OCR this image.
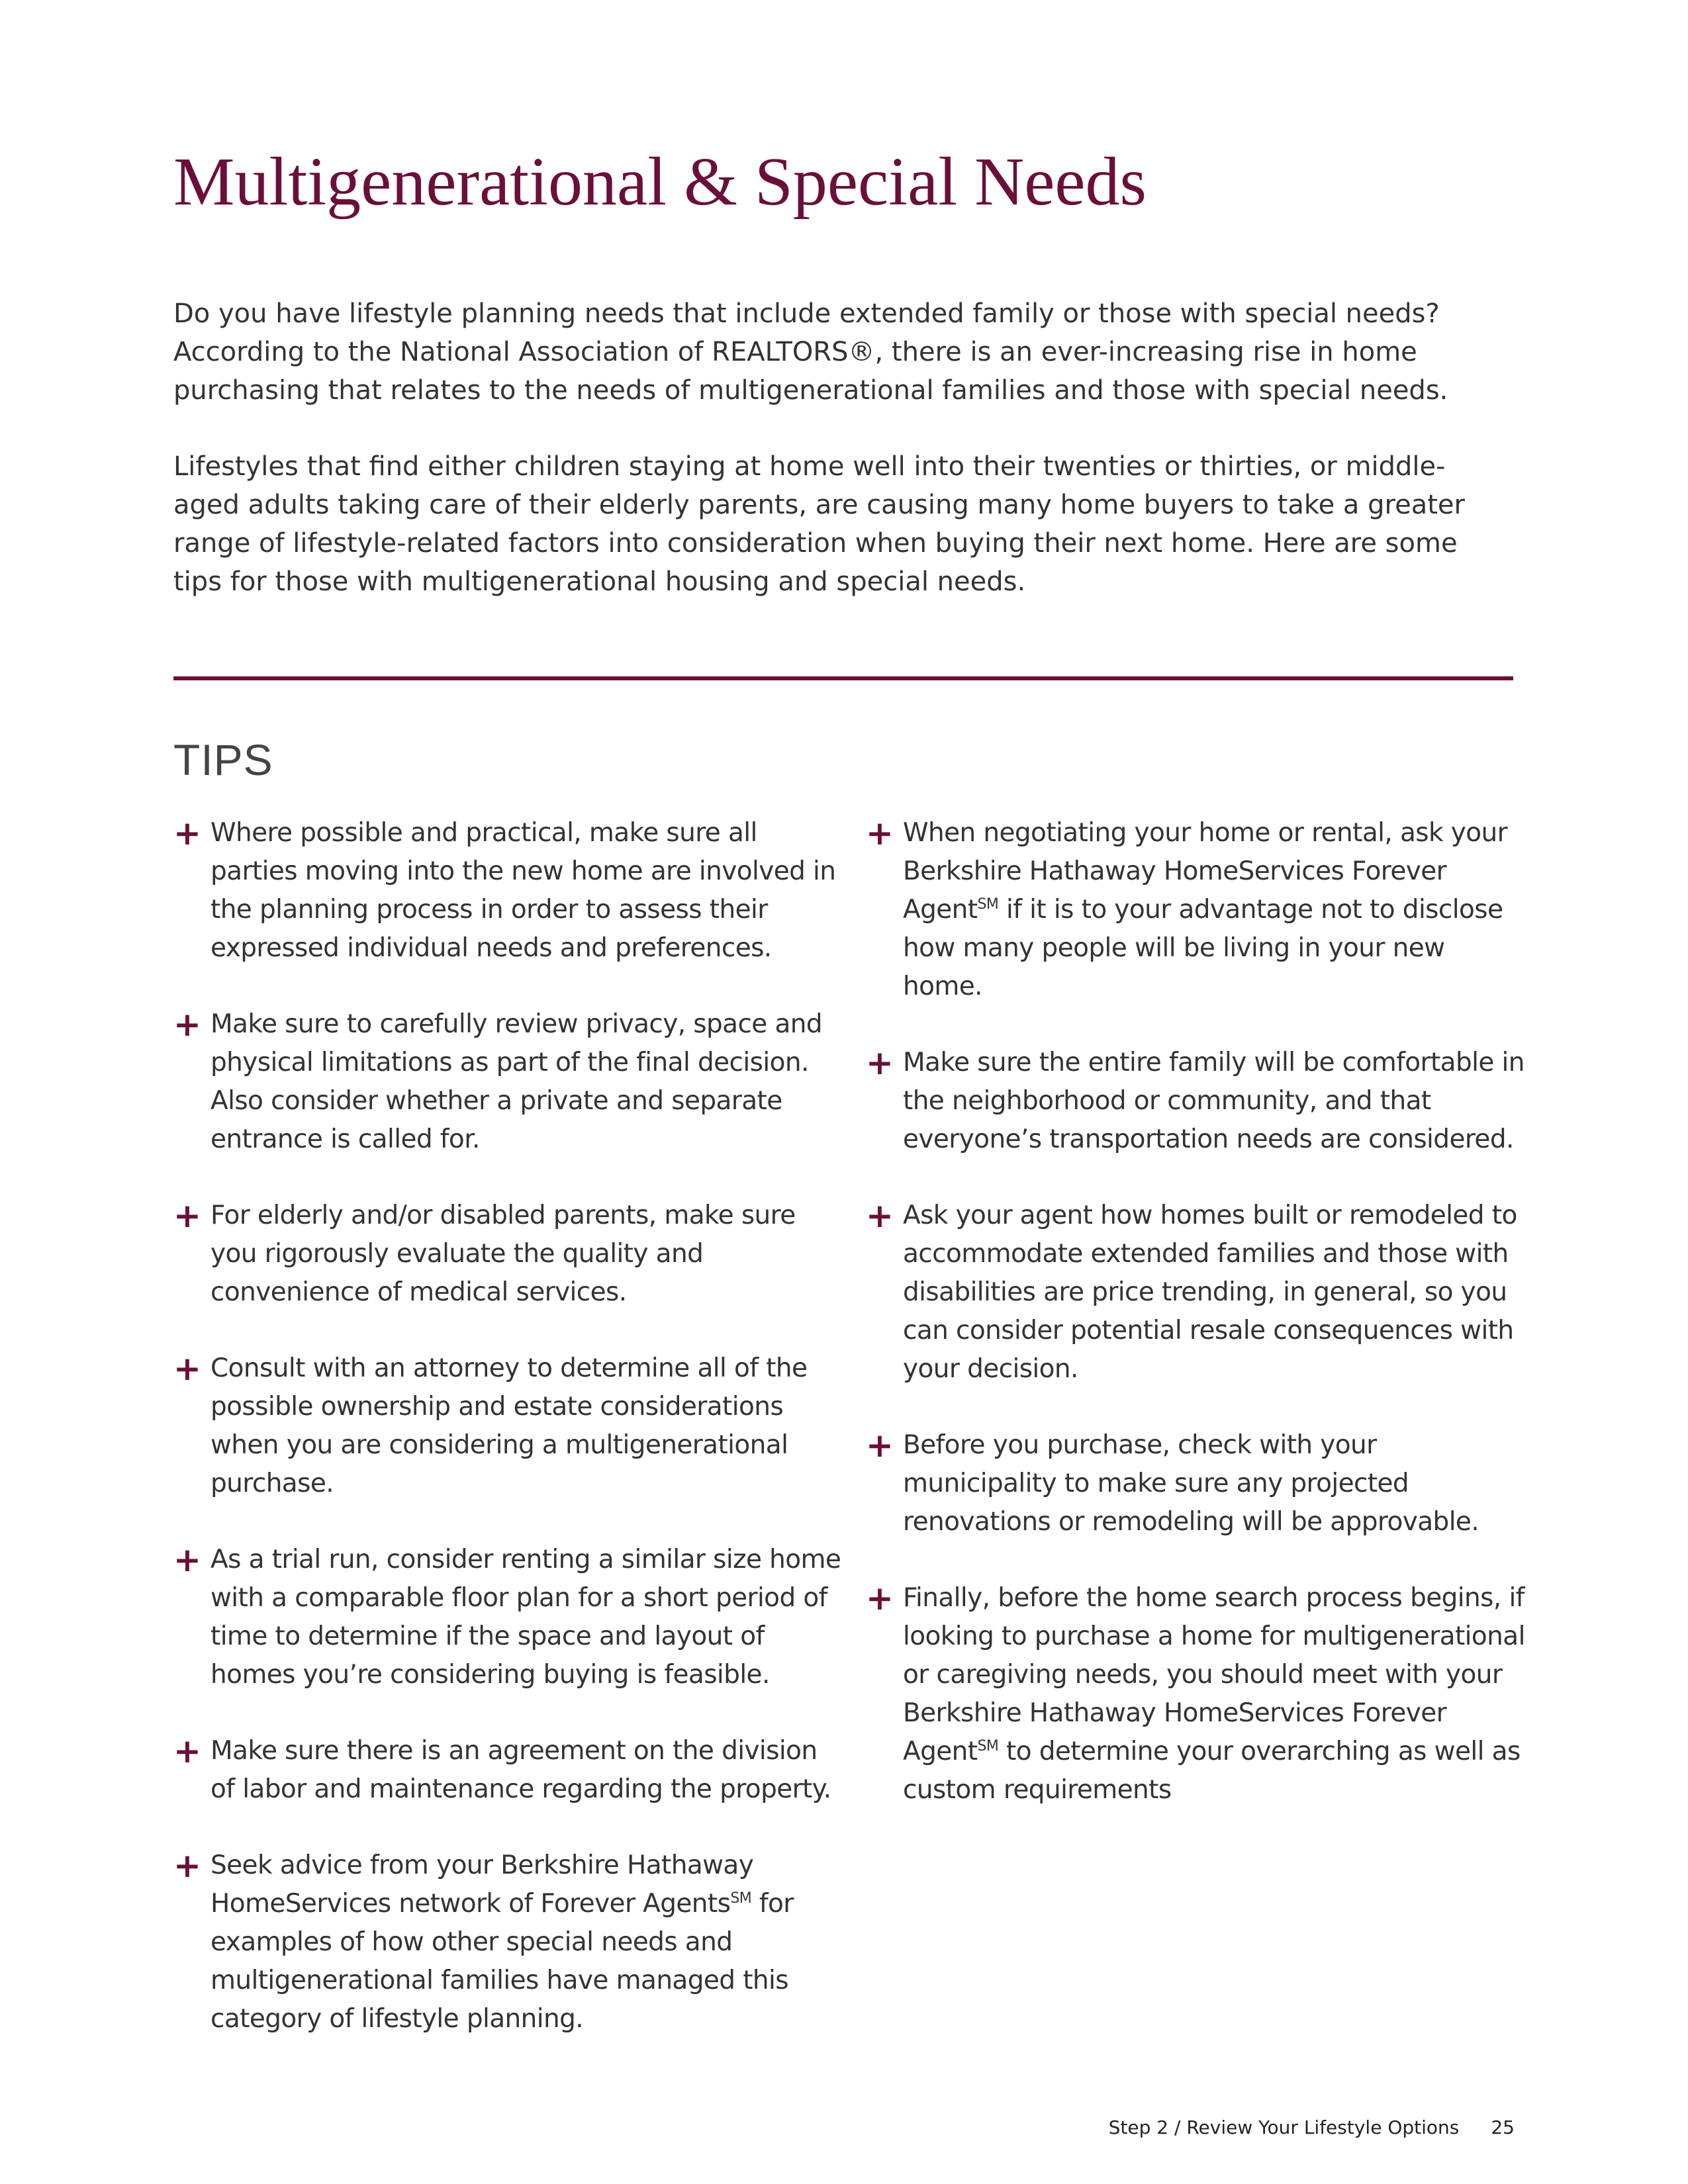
Multigenerational & Special Needs

Do you have lifestyle planning needs that include extended family or those with special needs? According to the National Association of REALTORS®, there is an ever-increasing rise in home purchasing that relates to the needs of multigenerational families and those with special needs.

Lifestyles that find either children staying at home well into their twenties or thirties, or middle-aged adults taking care of their elderly parents, are causing many home buyers to take a greater range of lifestyle-related factors into consideration when buying their next home. Here are some tips for those with multigenerational housing and special needs.

TIPS
+ Where possible and practical, make sure all parties moving into the new home are involved in the planning process in order to assess their expressed individual needs and preferences.
+ Make sure to carefully review privacy, space and physical limitations as part of the final decision. Also consider whether a private and separate entrance is called for.
+ For elderly and/or disabled parents, make sure you rigorously evaluate the quality and convenience of medical services.
+ Consult with an attorney to determine all of the possible ownership and estate considerations when you are considering a multigenerational purchase.
+ As a trial run, consider renting a similar size home with a comparable floor plan for a short period of time to determine if the space and layout of homes you’re considering buying is feasible.
+ Make sure there is an agreement on the division of labor and maintenance regarding the property.
+ Seek advice from your Berkshire Hathaway HomeServices network of Forever Agents℠ for examples of how other special needs and multigenerational families have managed this category of lifestyle planning.
+ When negotiating your home or rental, ask your Berkshire Hathaway HomeServices Forever Agent℠ if it is to your advantage not to disclose how many people will be living in your new home.
+ Make sure the entire family will be comfortable in the neighborhood or community, and that everyone’s transportation needs are considered.
+ Ask your agent how homes built or remodeled to accommodate extended families and those with disabilities are price trending, in general, so you can consider potential resale consequences with your decision.
+ Before you purchase, check with your municipality to make sure any projected renovations or remodeling will be approvable.
+ Finally, before the home search process begins, if looking to purchase a home for multigenerational or caregiving needs, you should meet with your Berkshire Hathaway HomeServices Forever Agent℠ to determine your overarching as well as custom requirements
Step 2 / Review Your Lifestyle Options 25
